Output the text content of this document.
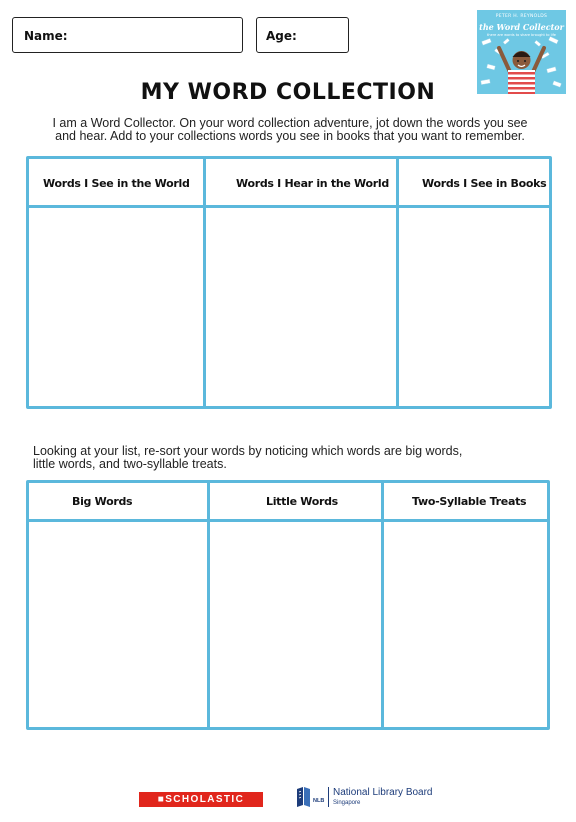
Name:	Age:
PETER H. REYNOLDS
the Word Collector
there are words to share brought to life
MY WORD COLLECTION
I am a Word Collector. On your word collection adventure, jot down the words you see
and hear. Add to your collections words you see in books that you want to remember.
Words I See in the World	Words I Hear in the World	Words I See in Books
Looking at your list, re-sort your words by noticing which words are big words,
little words, and two-syllable treats.
Big Words	Little Words	Two-Syllable Treats
■SCHOLASTIC	NLB
National Library Board
Singapore
